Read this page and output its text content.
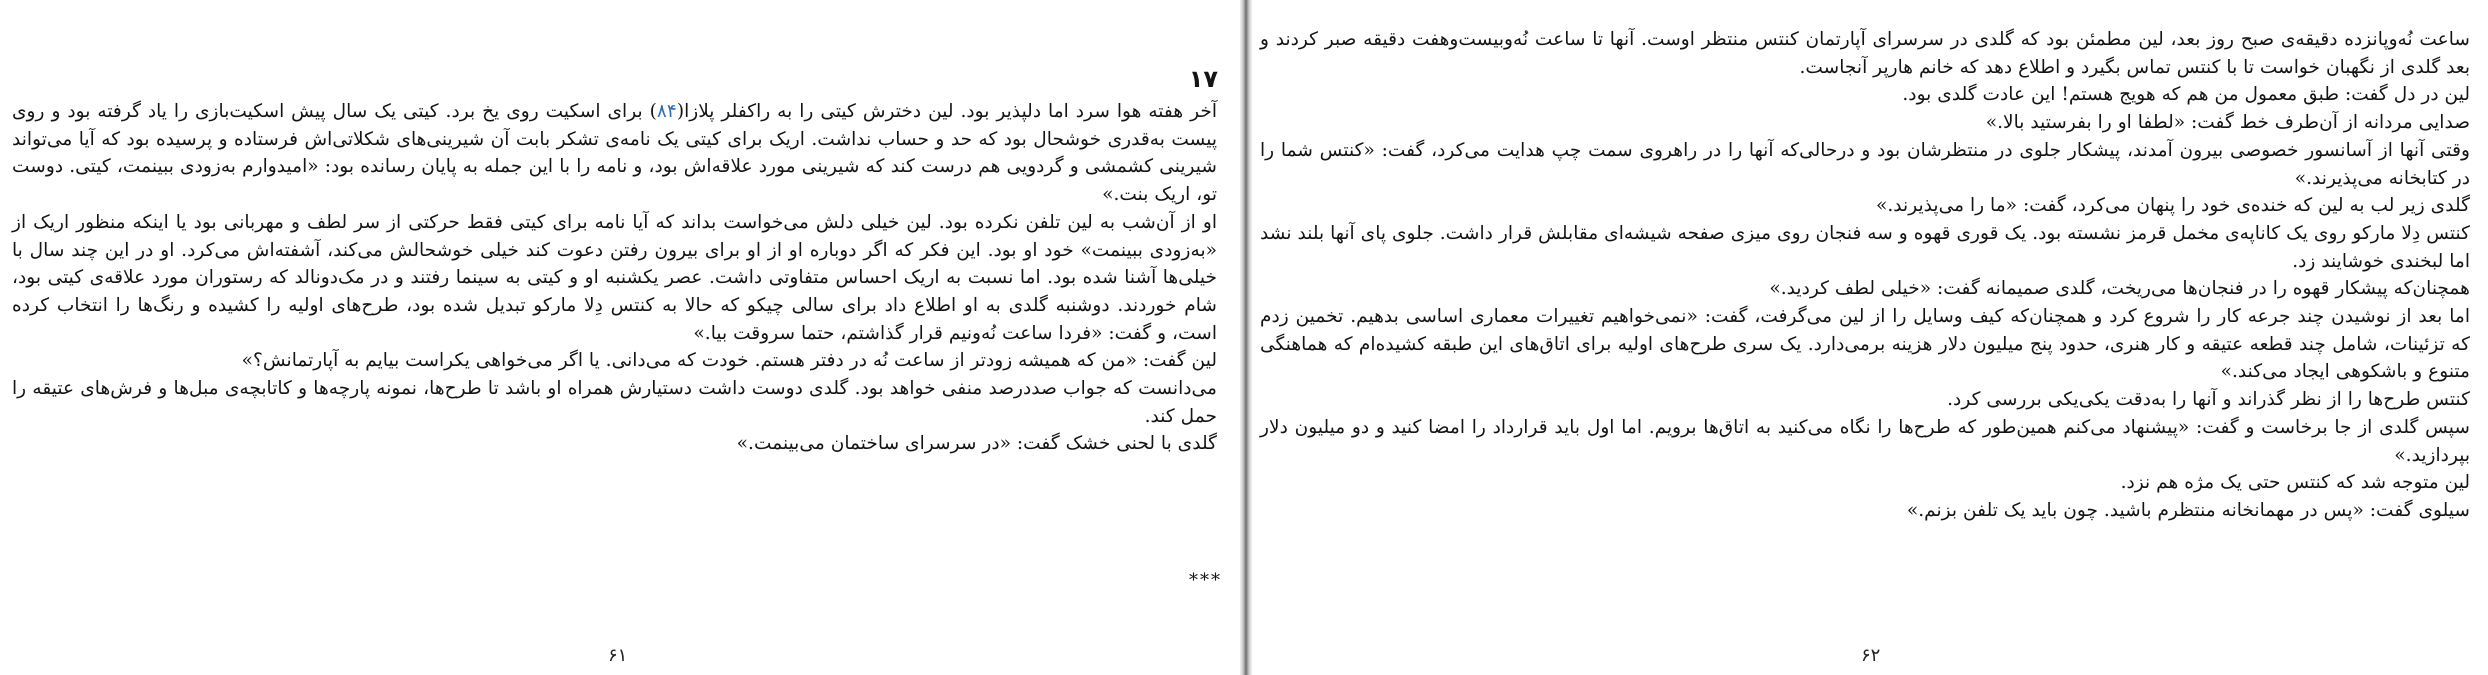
۱۷

آخر هفته هوا سرد اما دلپذیر بود. لین دخترش کیتی را به راکفلر پلازا(۸۴) برای اسکیت روی یخ برد. کیتی یک سال پیش اسکیت‌بازی را یاد گرفته بود و روی پیست به‌قدری خوشحال بود که حد و حساب نداشت. اریک برای کیتی یک نامه‌ی تشکر بابت آن شیرینی‌های شکلاتی‌اش فرستاده و پرسیده بود که آیا می‌تواند شیرینی کشمشی و گردویی هم درست کند که شیرینی مورد علاقه‌اش بود، و نامه را با این جمله به پایان رسانده بود: «امیدوارم به‌زودی ببینمت، کیتی. دوست تو، اریک بنت.»

او از آن‌شب به لین تلفن نکرده بود. لین خیلی دلش می‌خواست بداند که آیا نامه برای کیتی فقط حرکتی از سر لطف و مهربانی بود یا اینکه منظور اریک از «به‌زودی ببینمت» خود او بود. این فکر که اگر دوباره او از او برای بیرون رفتن دعوت کند خیلی خوشحالش می‌کند، آشفته‌اش می‌کرد. او در این چند سال با خیلی‌ها آشنا شده بود. اما نسبت به اریک احساس متفاوتی داشت. عصر یکشنبه او و کیتی به سینما رفتند و در مک‌دونالد که رستوران مورد علاقه‌ی کیتی بود، شام خوردند. دوشنبه گلدی به او اطلاع داد برای سالی چیکو که حالا به کنتس دِلا مارکو تبدیل شده بود، طرح‌های اولیه را کشیده و رنگ‌ها را انتخاب کرده است، و گفت: «فردا ساعت نُه‌ونیم قرار گذاشتم، حتما سروقت بیا.»

لین گفت: «من که همیشه زودتر از ساعت نُه در دفتر هستم. خودت که می‌دانی. یا اگر می‌خواهی یکراست بیایم به آپارتمانش؟»

می‌دانست که جواب صددرصد منفی خواهد بود. گلدی دوست داشت دستیارش همراه او باشد تا طرح‌ها، نمونه پارچه‌ها و کاتابچه‌ی مبل‌ها و فرش‌های عتیقه را حمل کند.

گلدی با لحنی خشک گفت: «در سرسرای ساختمان می‌بینمت.»

***
۶۱

ساعت نُه‌وپانزده دقیقه‌ی صبح روز بعد، لین مطمئن بود که گلدی در سرسرای آپارتمان کنتس منتظر اوست. آنها تا ساعت نُه‌وبیست‌وهفت دقیقه صبر کردند و بعد گلدی از نگهبان خواست تا با کنتس تماس بگیرد و اطلاع دهد که خانم هارپر آنجاست.

لین در دل گفت: طبق معمول من هم که هویج هستم! این عادت گلدی بود.

صدایی مردانه از آن‌طرف خط گفت: «لطفا او را بفرستید بالا.»

وقتی آنها از آسانسور خصوصی بیرون آمدند، پیشکار جلوی در منتظرشان بود و درحالی‌که آنها را در راهروی سمت چپ هدایت می‌کرد، گفت: «کنتس شما را در کتابخانه می‌پذیرند.»

گلدی زیر لب به لین که خنده‌ی خود را پنهان می‌کرد، گفت: «ما را می‌پذیرند.»

کنتس دِلا مارکو روی یک کاناپه‌ی مخمل قرمز نشسته بود. یک قوری قهوه و سه فنجان روی میزی صفحه شیشه‌ای مقابلش قرار داشت. جلوی پای آنها بلند نشد اما لبخندی خوشایند زد.

همچنان‌که پیشکار قهوه را در فنجان‌ها می‌ریخت، گلدی صمیمانه گفت: «خیلی لطف کردید.»

اما بعد از نوشیدن چند جرعه کار را شروع کرد و همچنان‌که کیف وسایل را از لین می‌گرفت، گفت: «نمی‌خواهیم تغییرات معماری اساسی بدهیم. تخمین زدم که تزئینات، شامل چند قطعه عتیقه و کار هنری، حدود پنج میلیون دلار هزینه برمی‌دارد. یک سری طرح‌های اولیه برای اتاق‌های این طبقه کشیده‌ام که هماهنگی متنوع و باشکوهی ایجاد می‌کند.»

کنتس طرح‌ها را از نظر گذراند و آنها را به‌دقت یکی‌یکی بررسی کرد.

سپس گلدی از جا برخاست و گفت: «پیشنهاد می‌کنم همین‌طور که طرح‌ها را نگاه می‌کنید به اتاق‌ها برویم. اما اول باید قرارداد را امضا کنید و دو میلیون دلار بپردازید.»

لین متوجه شد که کنتس حتی یک مژه هم نزد.

سیلوی گفت: «پس در مهمانخانه منتظرم باشید. چون باید یک تلفن بزنم.»

۶۲
